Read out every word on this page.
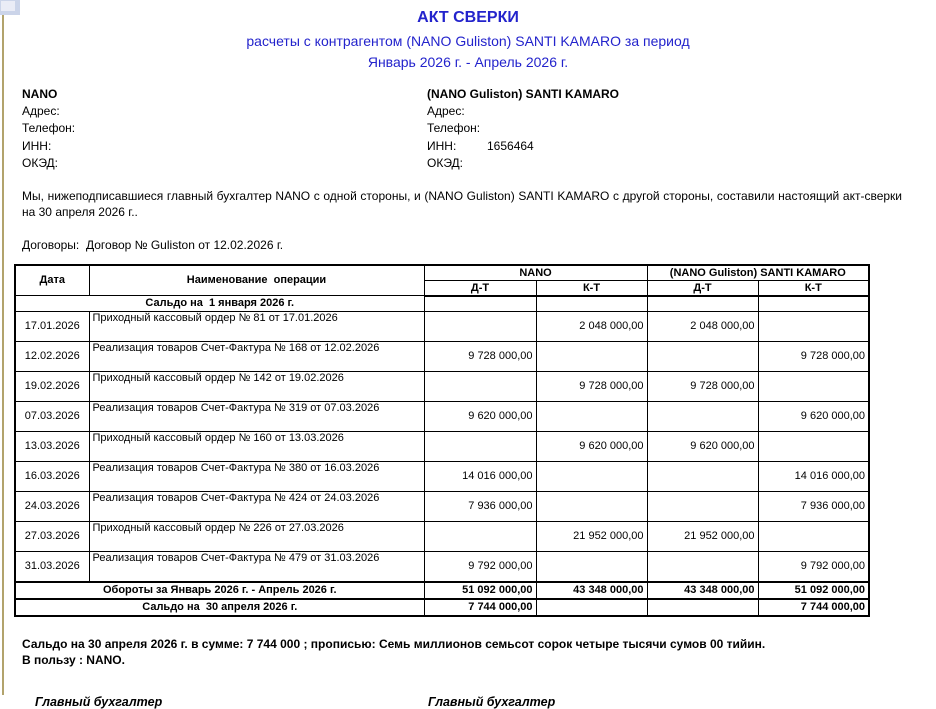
АКТ СВЕРКИ
расчеты с контрагентом (NANO Guliston) SANTI KAMARO за период
Январь 2026 г. - Апрель 2026 г.
NANO
Адрес:
Телефон:
ИНН:
ОКЭД:
(NANO Guliston) SANTI KAMARO
Адрес:
Телефон:
ИНН:	1656464
ОКЭД:
Мы, нижеподписавшиеся главный бухгалтер NANO с одной стороны, и (NANO Guliston) SANTI KAMARO с другой стороны, составили настоящий акт-сверки на 30 апреля 2026 г..
Договоры: Договор № Guliston от 12.02.2026 г.
Дата	Наименование  операции	NANO		(NANO Guliston) SANTI KAMARO	
		Д-Т	К-Т	Д-Т	К-Т
Сальдо на  1 января 2026 г.					
17.01.2026	Приходный кассовый ордер № 81 от 17.01.2026		2 048 000,00	2 048 000,00	
12.02.2026	Реализация товаров Счет-Фактура № 168 от 12.02.2026	9 728 000,00			9 728 000,00
19.02.2026	Приходный кассовый ордер № 142 от 19.02.2026		9 728 000,00	9 728 000,00	
07.03.2026	Реализация товаров Счет-Фактура № 319 от 07.03.2026	9 620 000,00			9 620 000,00
13.03.2026	Приходный кассовый ордер № 160 от 13.03.2026		9 620 000,00	9 620 000,00	
16.03.2026	Реализация товаров Счет-Фактура № 380 от 16.03.2026	14 016 000,00			14 016 000,00
24.03.2026	Реализация товаров Счет-Фактура № 424 от 24.03.2026	7 936 000,00			7 936 000,00
27.03.2026	Приходный кассовый ордер № 226 от 27.03.2026		21 952 000,00	21 952 000,00	
31.03.2026	Реализация товаров Счет-Фактура № 479 от 31.03.2026	9 792 000,00			9 792 000,00
Обороты за Январь 2026 г. - Апрель 2026 г.		51 092 000,00	43 348 000,00	43 348 000,00	51 092 000,00
Сальдо на  30 апреля 2026 г.		7 744 000,00			7 744 000,00
Сальдо на 30 апреля 2026 г. в сумме: 7 744 000 ; прописью: Семь миллионов семьсот сорок четыре тысячи сумов 00 тийин.
В пользу : NANO.
Главный бухгалтер	Главный бухгалтер
